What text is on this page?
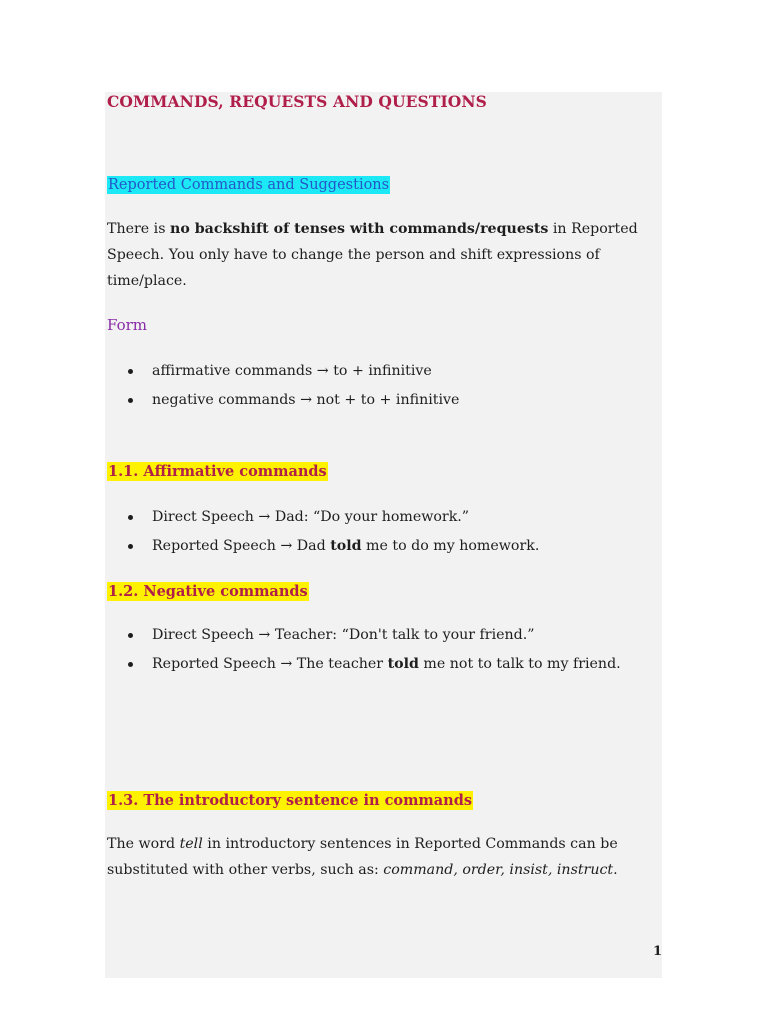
COMMANDS, REQUESTS AND QUESTIONS
Reported Commands and Suggestions
There is no backshift of tenses with commands/requests in Reported Speech. You only have to change the person and shift expressions of time/place.
Form
affirmative commands → to + infinitive
negative commands → not + to + infinitive
1.1. Affirmative commands
Direct Speech → Dad: “Do your homework.”
Reported Speech → Dad told me to do my homework.
1.2. Negative commands
Direct Speech → Teacher: “Don't talk to your friend.”
Reported Speech → The teacher told me not to talk to my friend.
1.3. The introductory sentence in commands
The word tell in introductory sentences in Reported Commands can be substituted with other verbs, such as: command, order, insist, instruct.
1
